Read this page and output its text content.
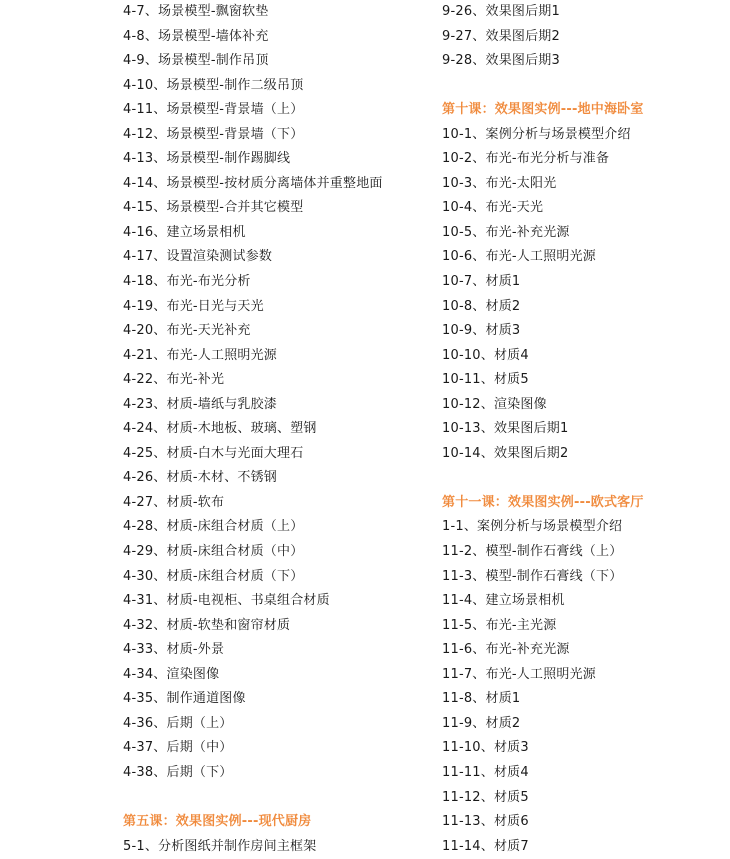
4-7、场景模型-飘窗软垫
4-8、场景模型-墙体补充
4-9、场景模型-制作吊顶
4-10、场景模型-制作二级吊顶
4-11、场景模型-背景墙（上）
4-12、场景模型-背景墙（下）
4-13、场景模型-制作踢脚线
4-14、场景模型-按材质分离墙体并重整地面
4-15、场景模型-合并其它模型
4-16、建立场景相机
4-17、设置渲染测试参数
4-18、布光-布光分析
4-19、布光-日光与天光
4-20、布光-天光补充
4-21、布光-人工照明光源
4-22、布光-补光
4-23、材质-墙纸与乳胶漆
4-24、材质-木地板、玻璃、塑钢
4-25、材质-白木与光面大理石
4-26、材质-木材、不锈钢
4-27、材质-软布
4-28、材质-床组合材质（上）
4-29、材质-床组合材质（中）
4-30、材质-床组合材质（下）
4-31、材质-电视柜、书桌组合材质
4-32、材质-软垫和窗帘材质
4-33、材质-外景
4-34、渲染图像
4-35、制作通道图像
4-36、后期（上）
4-37、后期（中）
4-38、后期（下）
第五课：效果图实例---现代厨房
5-1、分析图纸并制作房间主框架
9-26、效果图后期1
9-27、效果图后期2
9-28、效果图后期3
第十课：效果图实例---地中海卧室
10-1、案例分析与场景模型介绍
10-2、布光-布光分析与准备
10-3、布光-太阳光
10-4、布光-天光
10-5、布光-补充光源
10-6、布光-人工照明光源
10-7、材质1
10-8、材质2
10-9、材质3
10-10、材质4
10-11、材质5
10-12、渲染图像
10-13、效果图后期1
10-14、效果图后期2
第十一课：效果图实例---欧式客厅
1-1、案例分析与场景模型介绍
11-2、模型-制作石膏线（上）
11-3、模型-制作石膏线（下）
11-4、建立场景相机
11-5、布光-主光源
11-6、布光-补充光源
11-7、布光-人工照明光源
11-8、材质1
11-9、材质2
11-10、材质3
11-11、材质4
11-12、材质5
11-13、材质6
11-14、材质7
